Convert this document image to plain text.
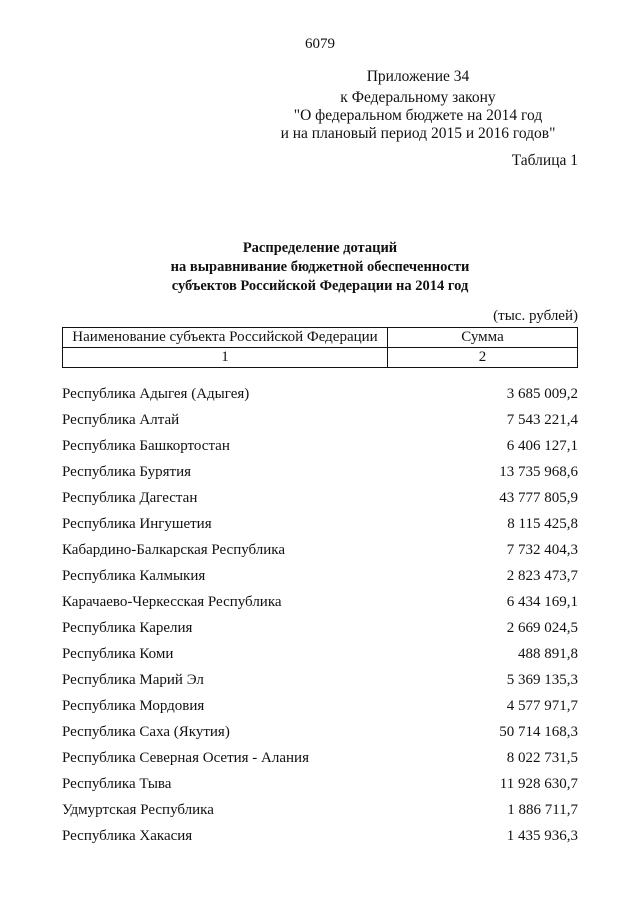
6079
Приложение 34
к Федеральному закону
"О федеральном бюджете на 2014 год
и на плановый период 2015 и 2016 годов"
Таблица 1
Распределение дотаций
на выравнивание бюджетной обеспеченности
субъектов Российской Федерации на 2014 год
(тыс. рублей)
Наименование субъекта Российской Федерации	Сумма
1	2
Республика Адыгея (Адыгея)	3 685 009,2
Республика Алтай	7 543 221,4
Республика Башкортостан	6 406 127,1
Республика Бурятия	13 735 968,6
Республика Дагестан	43 777 805,9
Республика Ингушетия	8 115 425,8
Кабардино-Балкарская Республика	7 732 404,3
Республика Калмыкия	2 823 473,7
Карачаево-Черкесская Республика	6 434 169,1
Республика Карелия	2 669 024,5
Республика Коми	488 891,8
Республика Марий Эл	5 369 135,3
Республика Мордовия	4 577 971,7
Республика Саха (Якутия)	50 714 168,3
Республика Северная Осетия - Алания	8 022 731,5
Республика Тыва	11 928 630,7
Удмуртская Республика	1 886 711,7
Республика Хакасия	1 435 936,3
